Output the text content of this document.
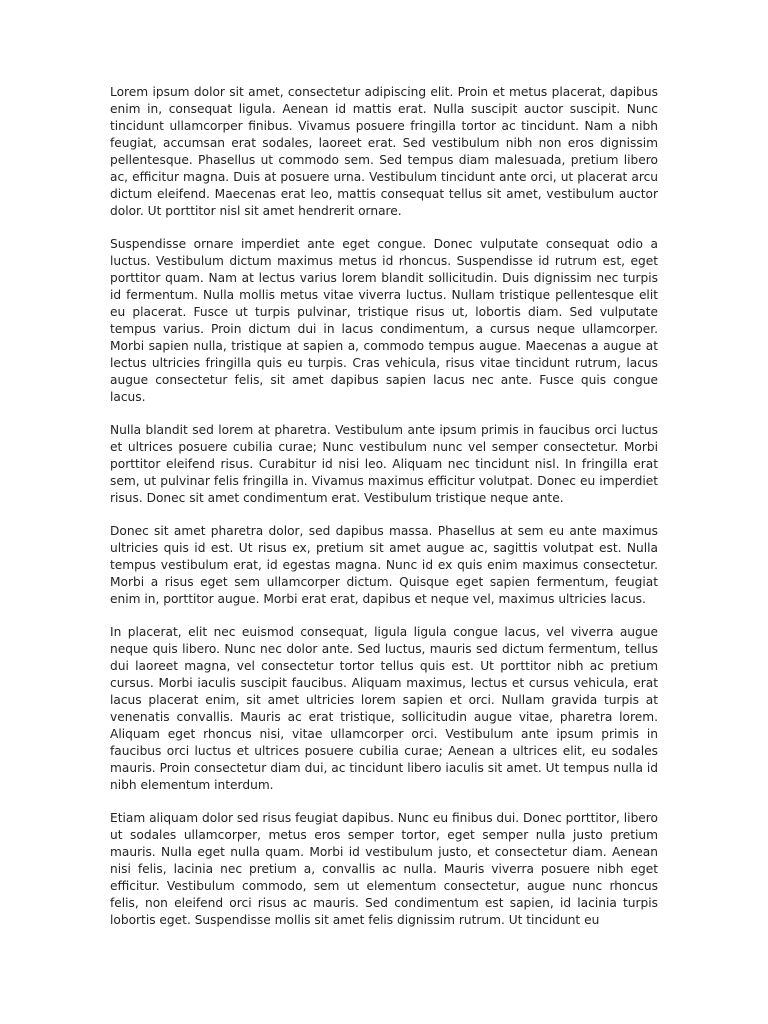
Lorem ipsum dolor sit amet, consectetur adipiscing elit. Proin et metus placerat, dapibus enim in, consequat ligula. Aenean id mattis erat. Nulla suscipit auctor suscipit. Nunc tincidunt ullamcorper finibus. Vivamus posuere fringilla tortor ac tincidunt. Nam a nibh feugiat, accumsan erat sodales, laoreet erat. Sed vestibulum nibh non eros dignissim pellentesque. Phasellus ut commodo sem. Sed tempus diam malesuada, pretium libero ac, efficitur magna. Duis at posuere urna. Vestibulum tincidunt ante orci, ut placerat arcu dictum eleifend. Maecenas erat leo, mattis consequat tellus sit amet, vestibulum auctor dolor. Ut porttitor nisl sit amet hendrerit ornare.

Suspendisse ornare imperdiet ante eget congue. Donec vulputate consequat odio a luctus. Vestibulum dictum maximus metus id rhoncus. Suspendisse id rutrum est, eget porttitor quam. Nam at lectus varius lorem blandit sollicitudin. Duis dignissim nec turpis id fermentum. Nulla mollis metus vitae viverra luctus. Nullam tristique pellentesque elit eu placerat. Fusce ut turpis pulvinar, tristique risus ut, lobortis diam. Sed vulputate tempus varius. Proin dictum dui in lacus condimentum, a cursus neque ullamcorper. Morbi sapien nulla, tristique at sapien a, commodo tempus augue. Maecenas a augue at lectus ultricies fringilla quis eu turpis. Cras vehicula, risus vitae tincidunt rutrum, lacus augue consectetur felis, sit amet dapibus sapien lacus nec ante. Fusce quis congue lacus.

Nulla blandit sed lorem at pharetra. Vestibulum ante ipsum primis in faucibus orci luctus et ultrices posuere cubilia curae; Nunc vestibulum nunc vel semper consectetur. Morbi porttitor eleifend risus. Curabitur id nisi leo. Aliquam nec tincidunt nisl. In fringilla erat sem, ut pulvinar felis fringilla in. Vivamus maximus efficitur volutpat. Donec eu imperdiet risus. Donec sit amet condimentum erat. Vestibulum tristique neque ante.

Donec sit amet pharetra dolor, sed dapibus massa. Phasellus at sem eu ante maximus ultricies quis id est. Ut risus ex, pretium sit amet augue ac, sagittis volutpat est. Nulla tempus vestibulum erat, id egestas magna. Nunc id ex quis enim maximus consectetur. Morbi a risus eget sem ullamcorper dictum. Quisque eget sapien fermentum, feugiat enim in, porttitor augue. Morbi erat erat, dapibus et neque vel, maximus ultricies lacus.

In placerat, elit nec euismod consequat, ligula ligula congue lacus, vel viverra augue neque quis libero. Nunc nec dolor ante. Sed luctus, mauris sed dictum fermentum, tellus dui laoreet magna, vel consectetur tortor tellus quis est. Ut porttitor nibh ac pretium cursus. Morbi iaculis suscipit faucibus. Aliquam maximus, lectus et cursus vehicula, erat lacus placerat enim, sit amet ultricies lorem sapien et orci. Nullam gravida turpis at venenatis convallis. Mauris ac erat tristique, sollicitudin augue vitae, pharetra lorem. Aliquam eget rhoncus nisi, vitae ullamcorper orci. Vestibulum ante ipsum primis in faucibus orci luctus et ultrices posuere cubilia curae; Aenean a ultrices elit, eu sodales mauris. Proin consectetur diam dui, ac tincidunt libero iaculis sit amet. Ut tempus nulla id nibh elementum interdum.

Etiam aliquam dolor sed risus feugiat dapibus. Nunc eu finibus dui. Donec porttitor, libero ut sodales ullamcorper, metus eros semper tortor, eget semper nulla justo pretium mauris. Nulla eget nulla quam. Morbi id vestibulum justo, et consectetur diam. Aenean nisi felis, lacinia nec pretium a, convallis ac nulla. Mauris viverra posuere nibh eget efficitur. Vestibulum commodo, sem ut elementum consectetur, augue nunc rhoncus felis, non eleifend orci risus ac mauris. Sed condimentum est sapien, id lacinia turpis lobortis eget. Suspendisse mollis sit amet felis dignissim rutrum. Ut tincidunt eu
